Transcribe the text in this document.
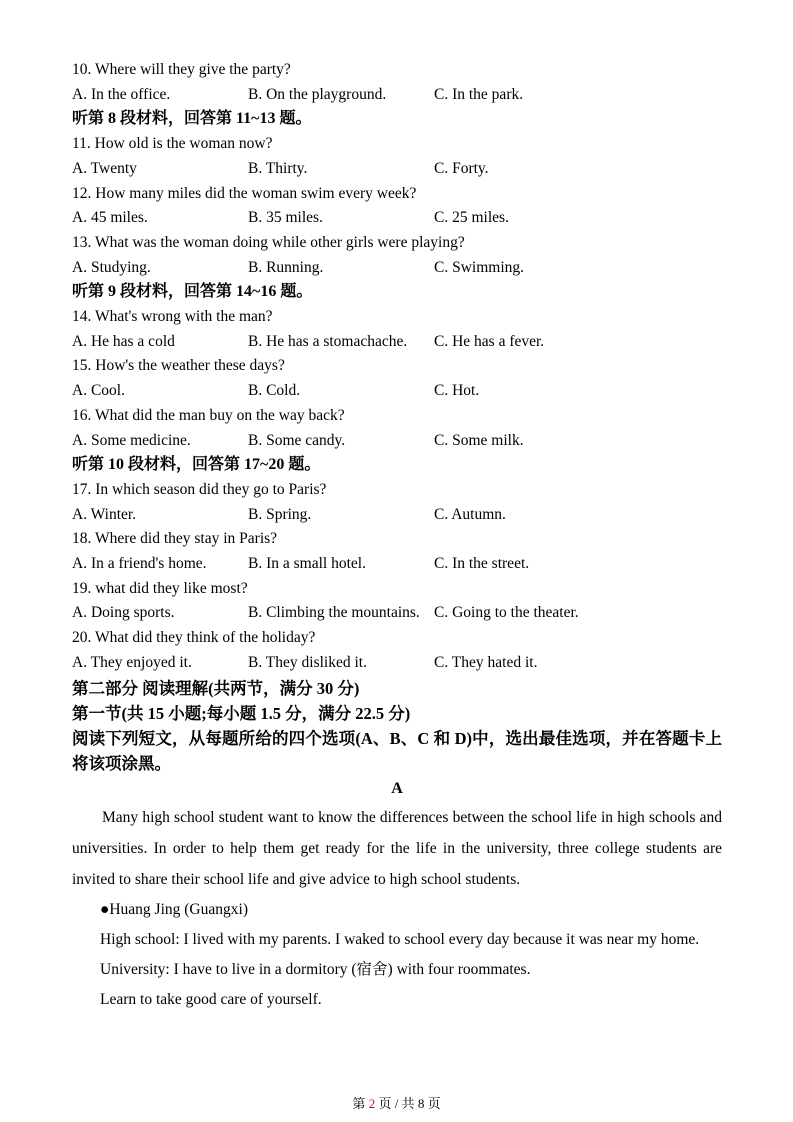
10. Where will they give the party?

A. In the office.	B. On the playground.	C. In the park.

听第 8 段材料，回答第 11~13 题。

11. How old is the woman now?

A. Twenty	B. Thirty.	C. Forty.

12. How many miles did the woman swim every week?

A. 45 miles.	B. 35 miles.	C. 25 miles.

13. What was the woman doing while other girls were playing?

A. Studying.	B. Running.	C. Swimming.

听第 9 段材料，回答第 14~16 题。

14. What's wrong with the man?

A. He has a cold	B. He has a stomachache.	C. He has a fever.

15. How's the weather these days?

A. Cool.	B. Cold.	C. Hot.

16. What did the man buy on the way back?

A. Some medicine.	B. Some candy.	C. Some milk.

听第 10 段材料，回答第 17~20 题。

17. In which season did they go to Paris?

A. Winter.	B. Spring.	C. Autumn.

18. Where did they stay in Paris?

A. In a friend's home.	B. In a small hotel.	C. In the street.

19. what did they like most?

A. Doing sports.	B. Climbing the mountains. C. Going to the theater.

20. What did they think of the holiday?

A. They enjoyed it.	B. They disliked it.	C. They hated it.

第二部分 阅读理解(共两节，满分 30 分)

第一节(共 15 小题;每小题 1.5 分，满分 22.5 分)

阅读下列短文，从每题所给的四个选项(A、B、C 和 D)中，选出最佳选项，并在答题卡上将该项涂黑。

A

Many high school student want to know the differences between the school life in high schools and universities. In order to help them get ready for the life in the university, three college students are invited to share their school life and give advice to high school students.

●Huang Jing (Guangxi)

High school: I lived with my parents. I waked to school every day because it was near my home.

University: I have to live in a dormitory (宿舍) with four roommates.

Learn to take good care of yourself.

第 2 页 / 共 8 页
